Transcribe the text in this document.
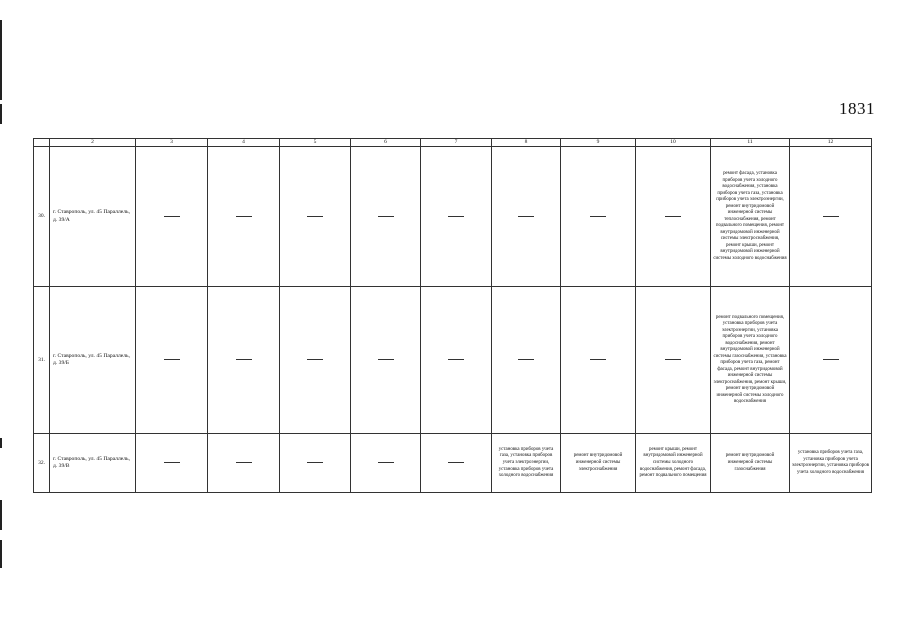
1831
	2	3	4	5	6	7	8	9	10	11	12
30.	г. Ставрополь, ул. 45 Параллель, д. 39/А									ремонт фасада, установка приборов учета холодного водоснабжения, установка приборов учета газа, установка приборов учета электроэнергии, ремонт внутридомовой инженерной системы теплоснабжения, ремонт подвального помещения, ремонт внутридомовой инженерной системы электроснабжения, ремонт крыши, ремонт внутридомовой инженерной системы холодного водоснабжения	
31.	г. Ставрополь, ул. 45 Параллель, д. 39/Б									ремонт подвального помещения, установка приборов учета электроэнергии, установка приборов учета холодного водоснабжения, ремонт внутридомовой инженерной системы газоснабжения, установка приборов учета газа, ремонт фасада, ремонт внутридомовой инженерной системы электроснабжения, ремонт крыши, ремонт внутридомовой инженерной системы холодного водоснабжения	
32.	г. Ставрополь, ул. 45 Параллель, д. 39/В						установка приборов учета газа, установка приборов учета электроэнергии, установка приборов учета холодного водоснабжения	ремонт внутридомовой инженерной системы электроснабжения	ремонт крыши, ремонт внутридомовой инженерной системы холодного водоснабжения, ремонт фасада, ремонт подвального помещения	ремонт внутридомовой инженерной системы газоснабжения	установка приборов учета газа, установка приборов учета электроэнергии, установка приборов учета холодного водоснабжения
